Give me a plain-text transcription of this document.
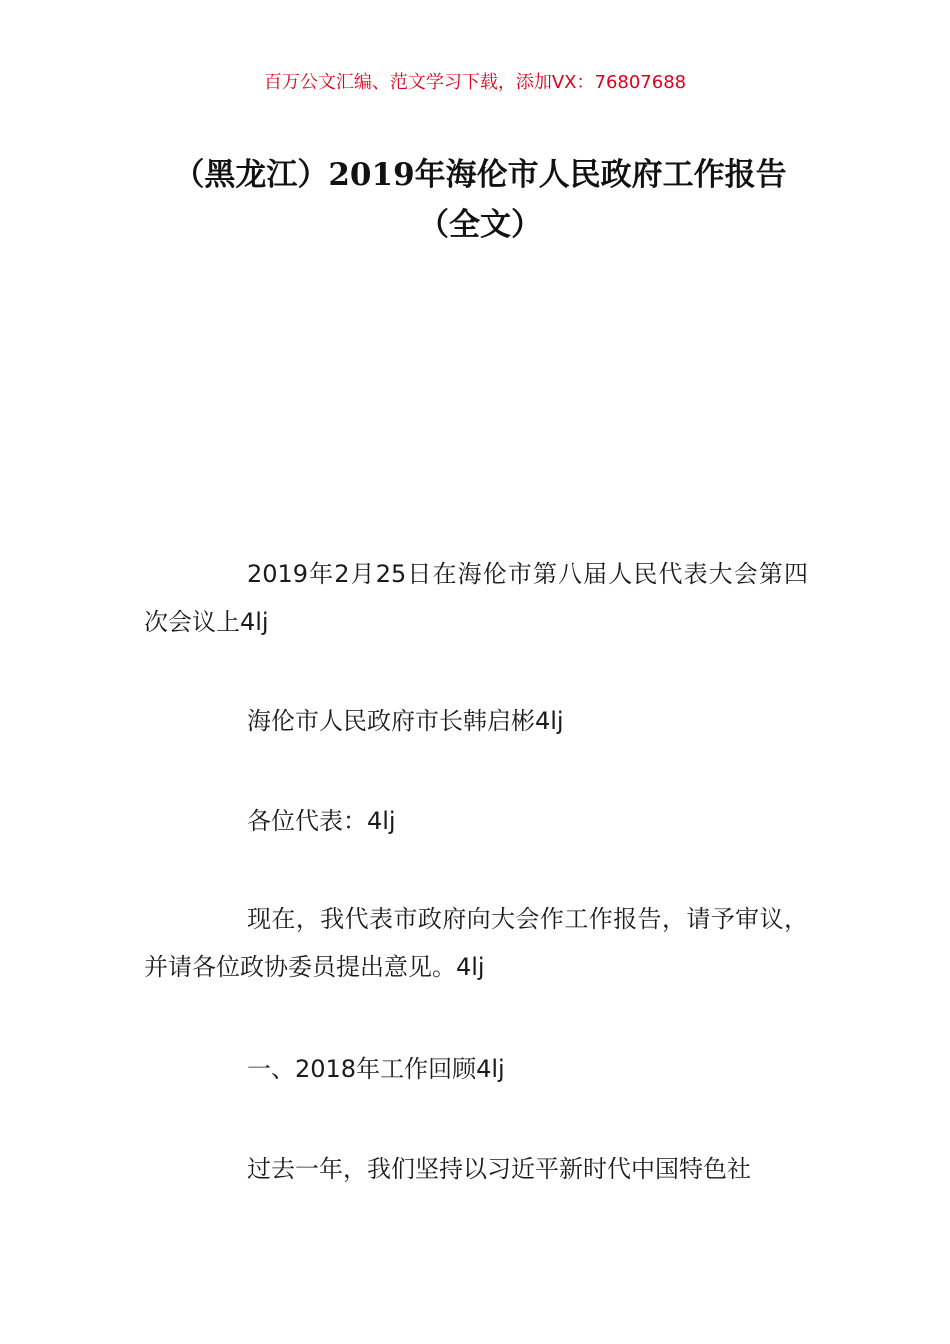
百万公文汇编、范文学习下载，添加VX：76807688
（黑龙江）2019年海伦市人民政府工作报告（全文）

2019年2月25日在海伦市第八届人民代表大会第四次会议上4lj

海伦市人民政府市长韩启彬4lj

各位代表：4lj

现在，我代表市政府向大会作工作报告，请予审议，并请各位政协委员提出意见。4lj

一、2018年工作回顾4lj

过去一年，我们坚持以习近平新时代中国特色社
